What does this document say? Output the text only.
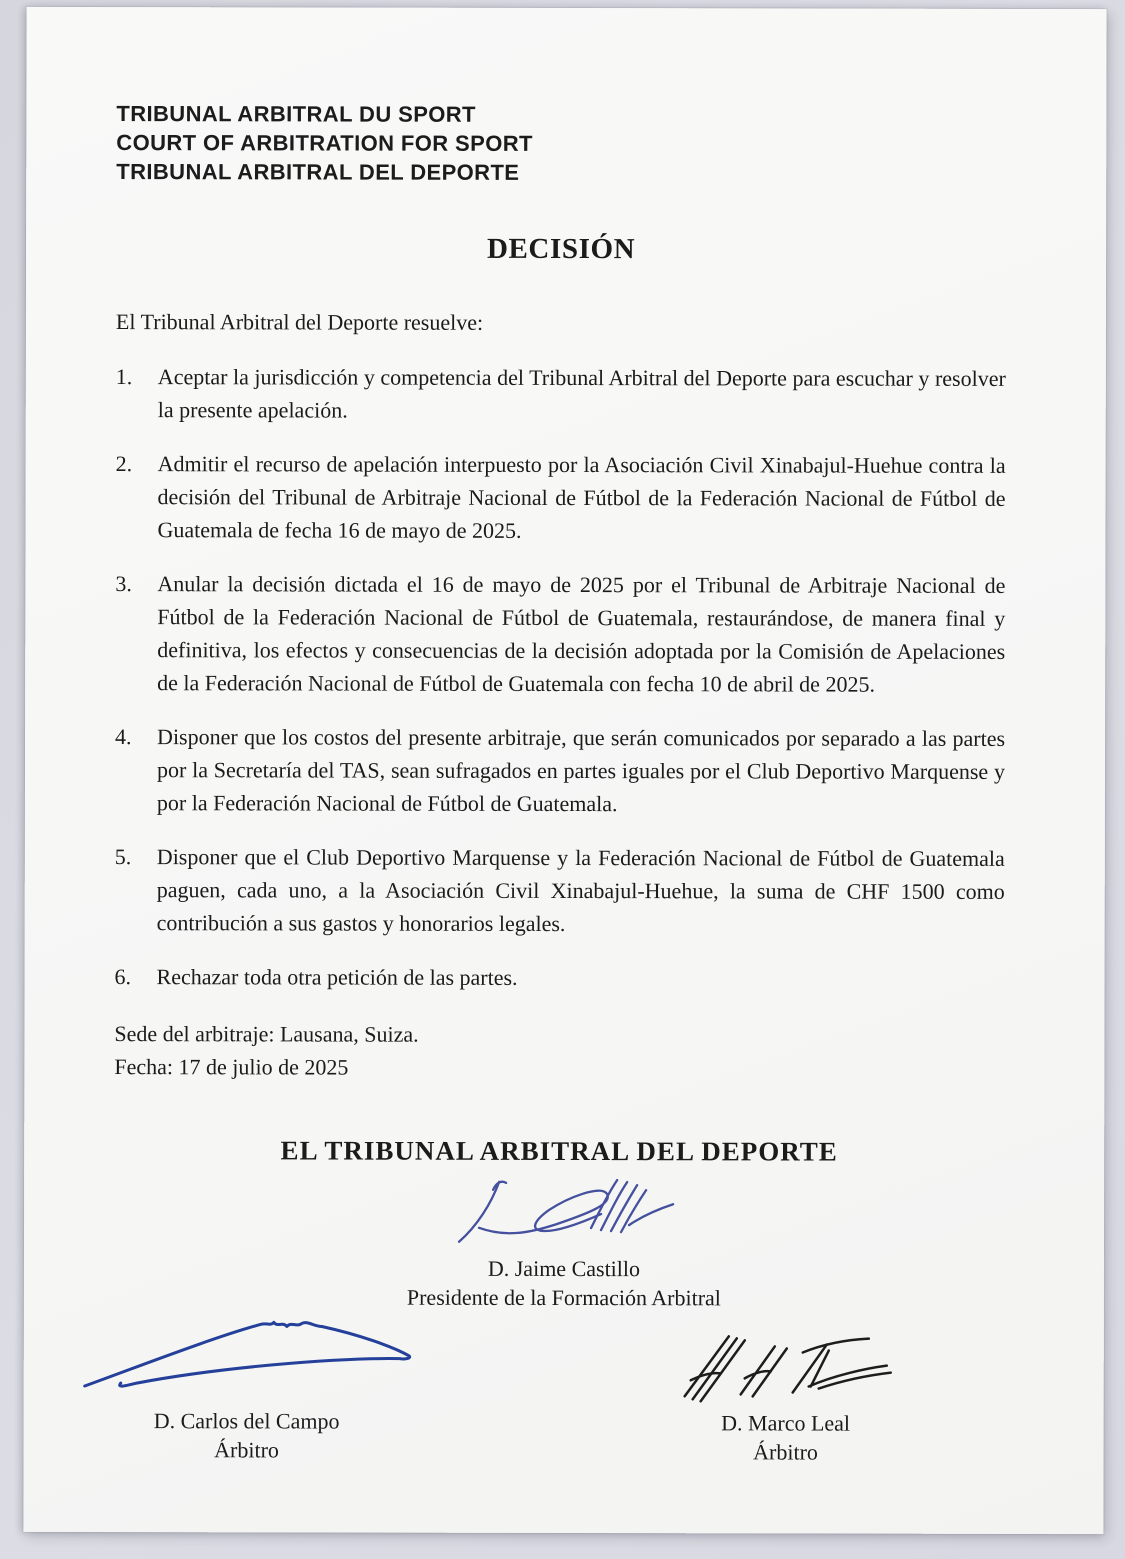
TRIBUNAL ARBITRAL DU SPORT
COURT OF ARBITRATION FOR SPORT
TRIBUNAL ARBITRAL DEL DEPORTE
DECISIÓN
El Tribunal Arbitral del Deporte resuelve:
1.	Aceptar la jurisdicción y competencia del Tribunal Arbitral del Deporte para escuchar y resolver la presente apelación.
2.	Admitir el recurso de apelación interpuesto por la Asociación Civil Xinabajul-Huehue contra la decisión del Tribunal de Arbitraje Nacional de Fútbol de la Federación Nacional de Fútbol de Guatemala de fecha 16 de mayo de 2025.
3.	Anular la decisión dictada el 16 de mayo de 2025 por el Tribunal de Arbitraje Nacional de Fútbol de la Federación Nacional de Fútbol de Guatemala, restaurándose, de manera final y definitiva, los efectos y consecuencias de la decisión adoptada por la Comisión de Apelaciones de la Federación Nacional de Fútbol de Guatemala con fecha 10 de abril de 2025.
4.	Disponer que los costos del presente arbitraje, que serán comunicados por separado a las partes por la Secretaría del TAS, sean sufragados en partes iguales por el Club Deportivo Marquense y por la Federación Nacional de Fútbol de Guatemala.
5.	Disponer que el Club Deportivo Marquense y la Federación Nacional de Fútbol de Guatemala paguen, cada uno, a la Asociación Civil Xinabajul-Huehue, la suma de CHF 1500 como contribución a sus gastos y honorarios legales.
6.	Rechazar toda otra petición de las partes.
Sede del arbitraje: Lausana, Suiza.
Fecha: 17 de julio de 2025
EL TRIBUNAL ARBITRAL DEL DEPORTE
D. Jaime Castillo
Presidente de la Formación Arbitral
D. Carlos del Campo
Árbitro
D. Marco Leal
Árbitro
